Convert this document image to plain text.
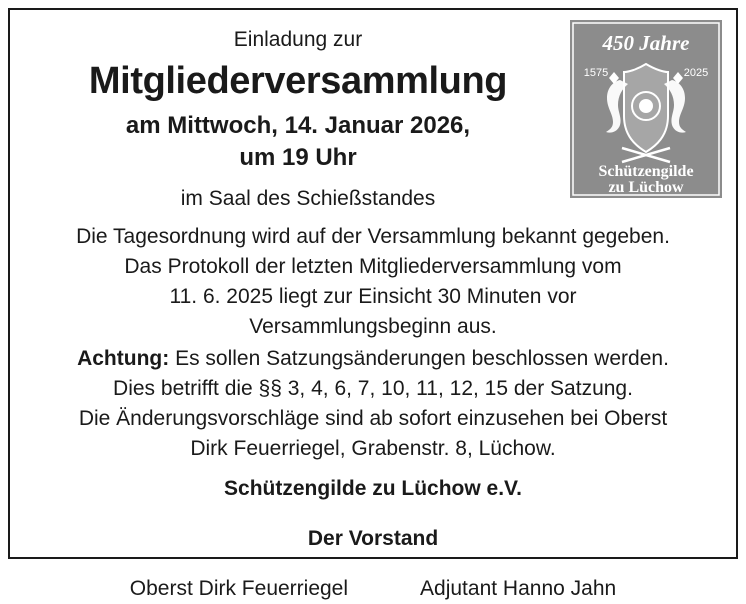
450 Jahre
1575	2025
Schützengilde
zu Lüchow

Einladung zur

Mitgliederversammlung

am Mittwoch, 14. Januar 2026,

um 19 Uhr

im Saal des Schießstandes

Die Tagesordnung wird auf der Versammlung bekannt gegeben.

Das Protokoll der letzten Mitgliederversammlung vom

11. 6. 2025 liegt zur Einsicht 30 Minuten vor

Versammlungsbeginn aus.

Achtung: Es sollen Satzungsänderungen beschlossen werden.

Dies betrifft die §§ 3, 4, 6, 7, 10, 11, 12, 15 der Satzung.

Die Änderungsvorschläge sind ab sofort einzusehen bei Oberst

Dirk Feuerriegel, Grabenstr. 8, Lüchow.

Schützengilde zu Lüchow e.V.

Der Vorstand

Oberst Dirk Feuerriegel	Adjutant Hanno Jahn
